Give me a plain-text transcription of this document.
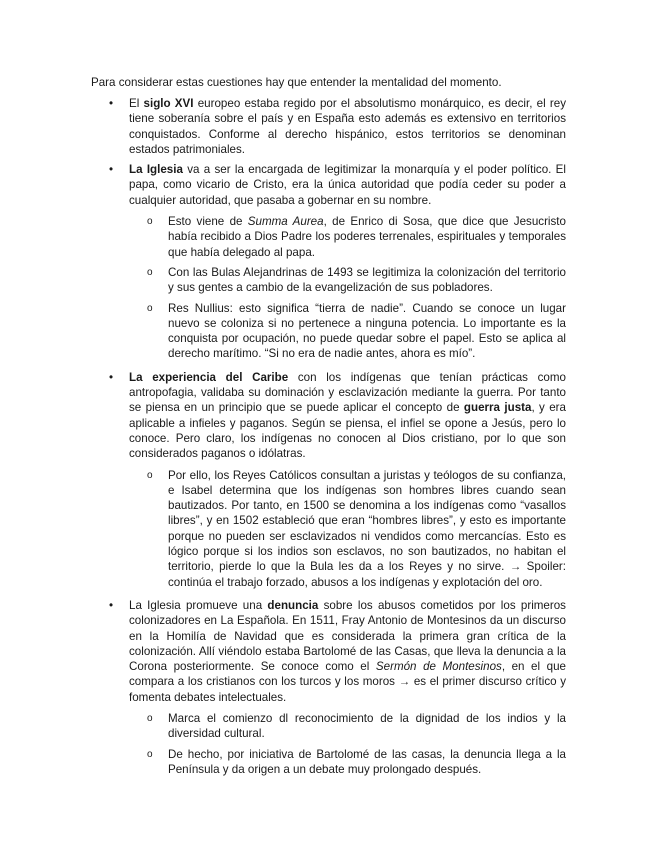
Para considerar estas cuestiones hay que entender la mentalidad del momento.

• El siglo XVI europeo estaba regido por el absolutismo monárquico, es decir, el rey tiene soberanía sobre el país y en España esto además es extensivo en territorios conquistados. Conforme al derecho hispánico, estos territorios se denominan estados patrimoniales.
• La Iglesia va a ser la encargada de legitimizar la monarquía y el poder político. El papa, como vicario de Cristo, era la única autoridad que podía ceder su poder a cualquier autoridad, que pasaba a gobernar en su nombre.
o Esto viene de Summa Aurea, de Enrico di Sosa, que dice que Jesucristo había recibido a Dios Padre los poderes terrenales, espirituales y temporales que había delegado al papa.
o Con las Bulas Alejandrinas de 1493 se legitimiza la colonización del territorio y sus gentes a cambio de la evangelización de sus pobladores.
o Res Nullius: esto significa “tierra de nadie”. Cuando se conoce un lugar nuevo se coloniza si no pertenece a ninguna potencia. Lo importante es la conquista por ocupación, no puede quedar sobre el papel. Esto se aplica al derecho marítimo. “Si no era de nadie antes, ahora es mío”.
• La experiencia del Caribe con los indígenas que tenían prácticas como antropofagia, validaba su dominación y esclavización mediante la guerra. Por tanto se piensa en un principio que se puede aplicar el concepto de guerra justa, y era aplicable a infieles y paganos. Según se piensa, el infiel se opone a Jesús, pero lo conoce. Pero claro, los indígenas no conocen al Dios cristiano, por lo que son considerados paganos o idólatras.
o Por ello, los Reyes Católicos consultan a juristas y teólogos de su confianza, e Isabel determina que los indígenas son hombres libres cuando sean bautizados. Por tanto, en 1500 se denomina a los indígenas como “vasallos libres”, y en 1502 estableció que eran “hombres libres”, y esto es importante porque no pueden ser esclavizados ni vendidos como mercancías. Esto es lógico porque si los indios son esclavos, no son bautizados, no habitan el territorio, pierde lo que la Bula les da a los Reyes y no sirve. → Spoiler: continúa el trabajo forzado, abusos a los indígenas y explotación del oro.
• La Iglesia promueve una denuncia sobre los abusos cometidos por los primeros colonizadores en La Española. En 1511, Fray Antonio de Montesinos da un discurso en la Homilía de Navidad que es considerada la primera gran crítica de la colonización. Allí viéndolo estaba Bartolomé de las Casas, que lleva la denuncia a la Corona posteriormente. Se conoce como el Sermón de Montesinos, en el que compara a los cristianos con los turcos y los moros → es el primer discurso crítico y fomenta debates intelectuales.
o Marca el comienzo dl reconocimiento de la dignidad de los indios y la diversidad cultural.
o De hecho, por iniciativa de Bartolomé de las casas, la denuncia llega a la Península y da origen a un debate muy prolongado después.
